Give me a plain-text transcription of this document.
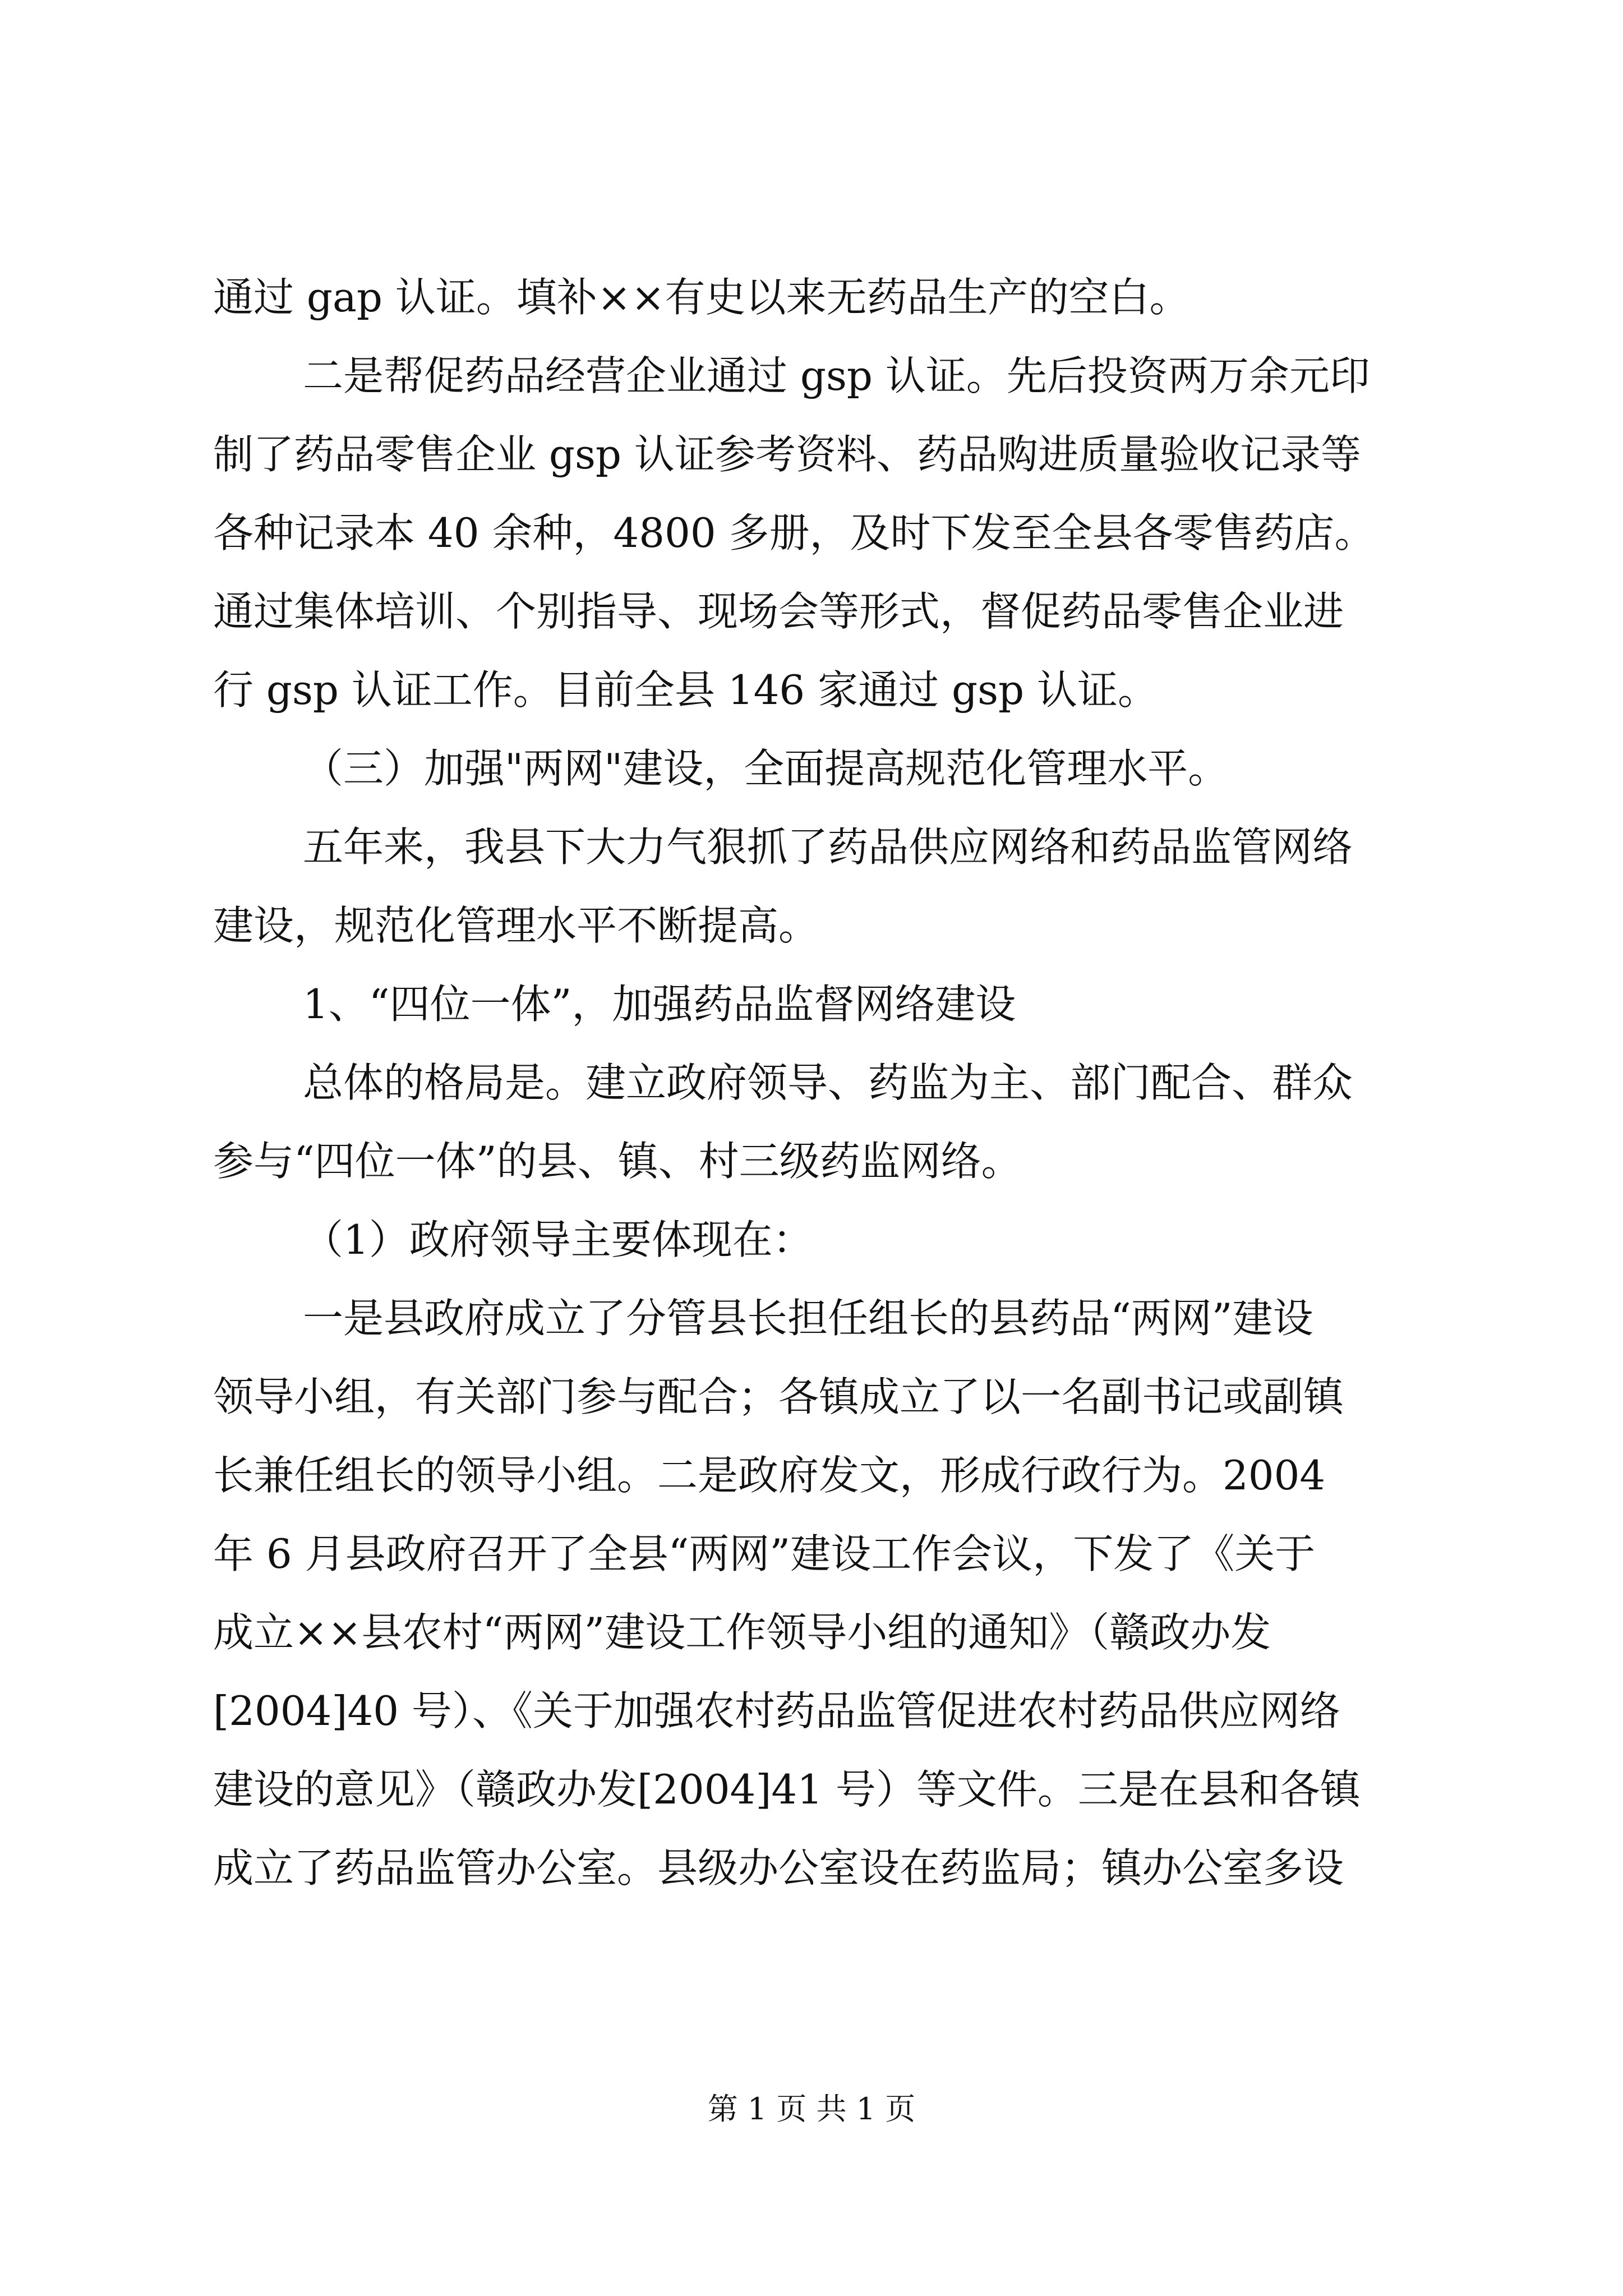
通过 gap 认证。填补××有史以来无药品生产的空白。
二是帮促药品经营企业通过 gsp 认证。先后投资两万余元印
制了药品零售企业 gsp 认证参考资料、药品购进质量验收记录等
各种记录本 40 余种，4800 多册，及时下发至全县各零售药店。
通过集体培训、个别指导、现场会等形式，督促药品零售企业进
行 gsp 认证工作。目前全县 146 家通过 gsp 认证。
（三）加强"两网"建设，全面提高规范化管理水平。
五年来，我县下大力气狠抓了药品供应网络和药品监管网络
建设，规范化管理水平不断提高。
1、“四位一体”，加强药品监督网络建设
总体的格局是。建立政府领导、药监为主、部门配合、群众
参与“四位一体”的县、镇、村三级药监网络。
（1）政府领导主要体现在：
一是县政府成立了分管县长担任组长的县药品“两网”建设
领导小组，有关部门参与配合；各镇成立了以一名副书记或副镇
长兼任组长的领导小组。二是政府发文，形成行政行为。2004
年 6 月县政府召开了全县“两网”建设工作会议，下发了《关于
成立××县农村“两网”建设工作领导小组的通知》（赣政办发
[2004]40 号）、《关于加强农村药品监管促进农村药品供应网络
建设的意见》（赣政办发[2004]41 号）等文件。三是在县和各镇
成立了药品监管办公室。县级办公室设在药监局；镇办公室多设
第 1 页 共 1 页
